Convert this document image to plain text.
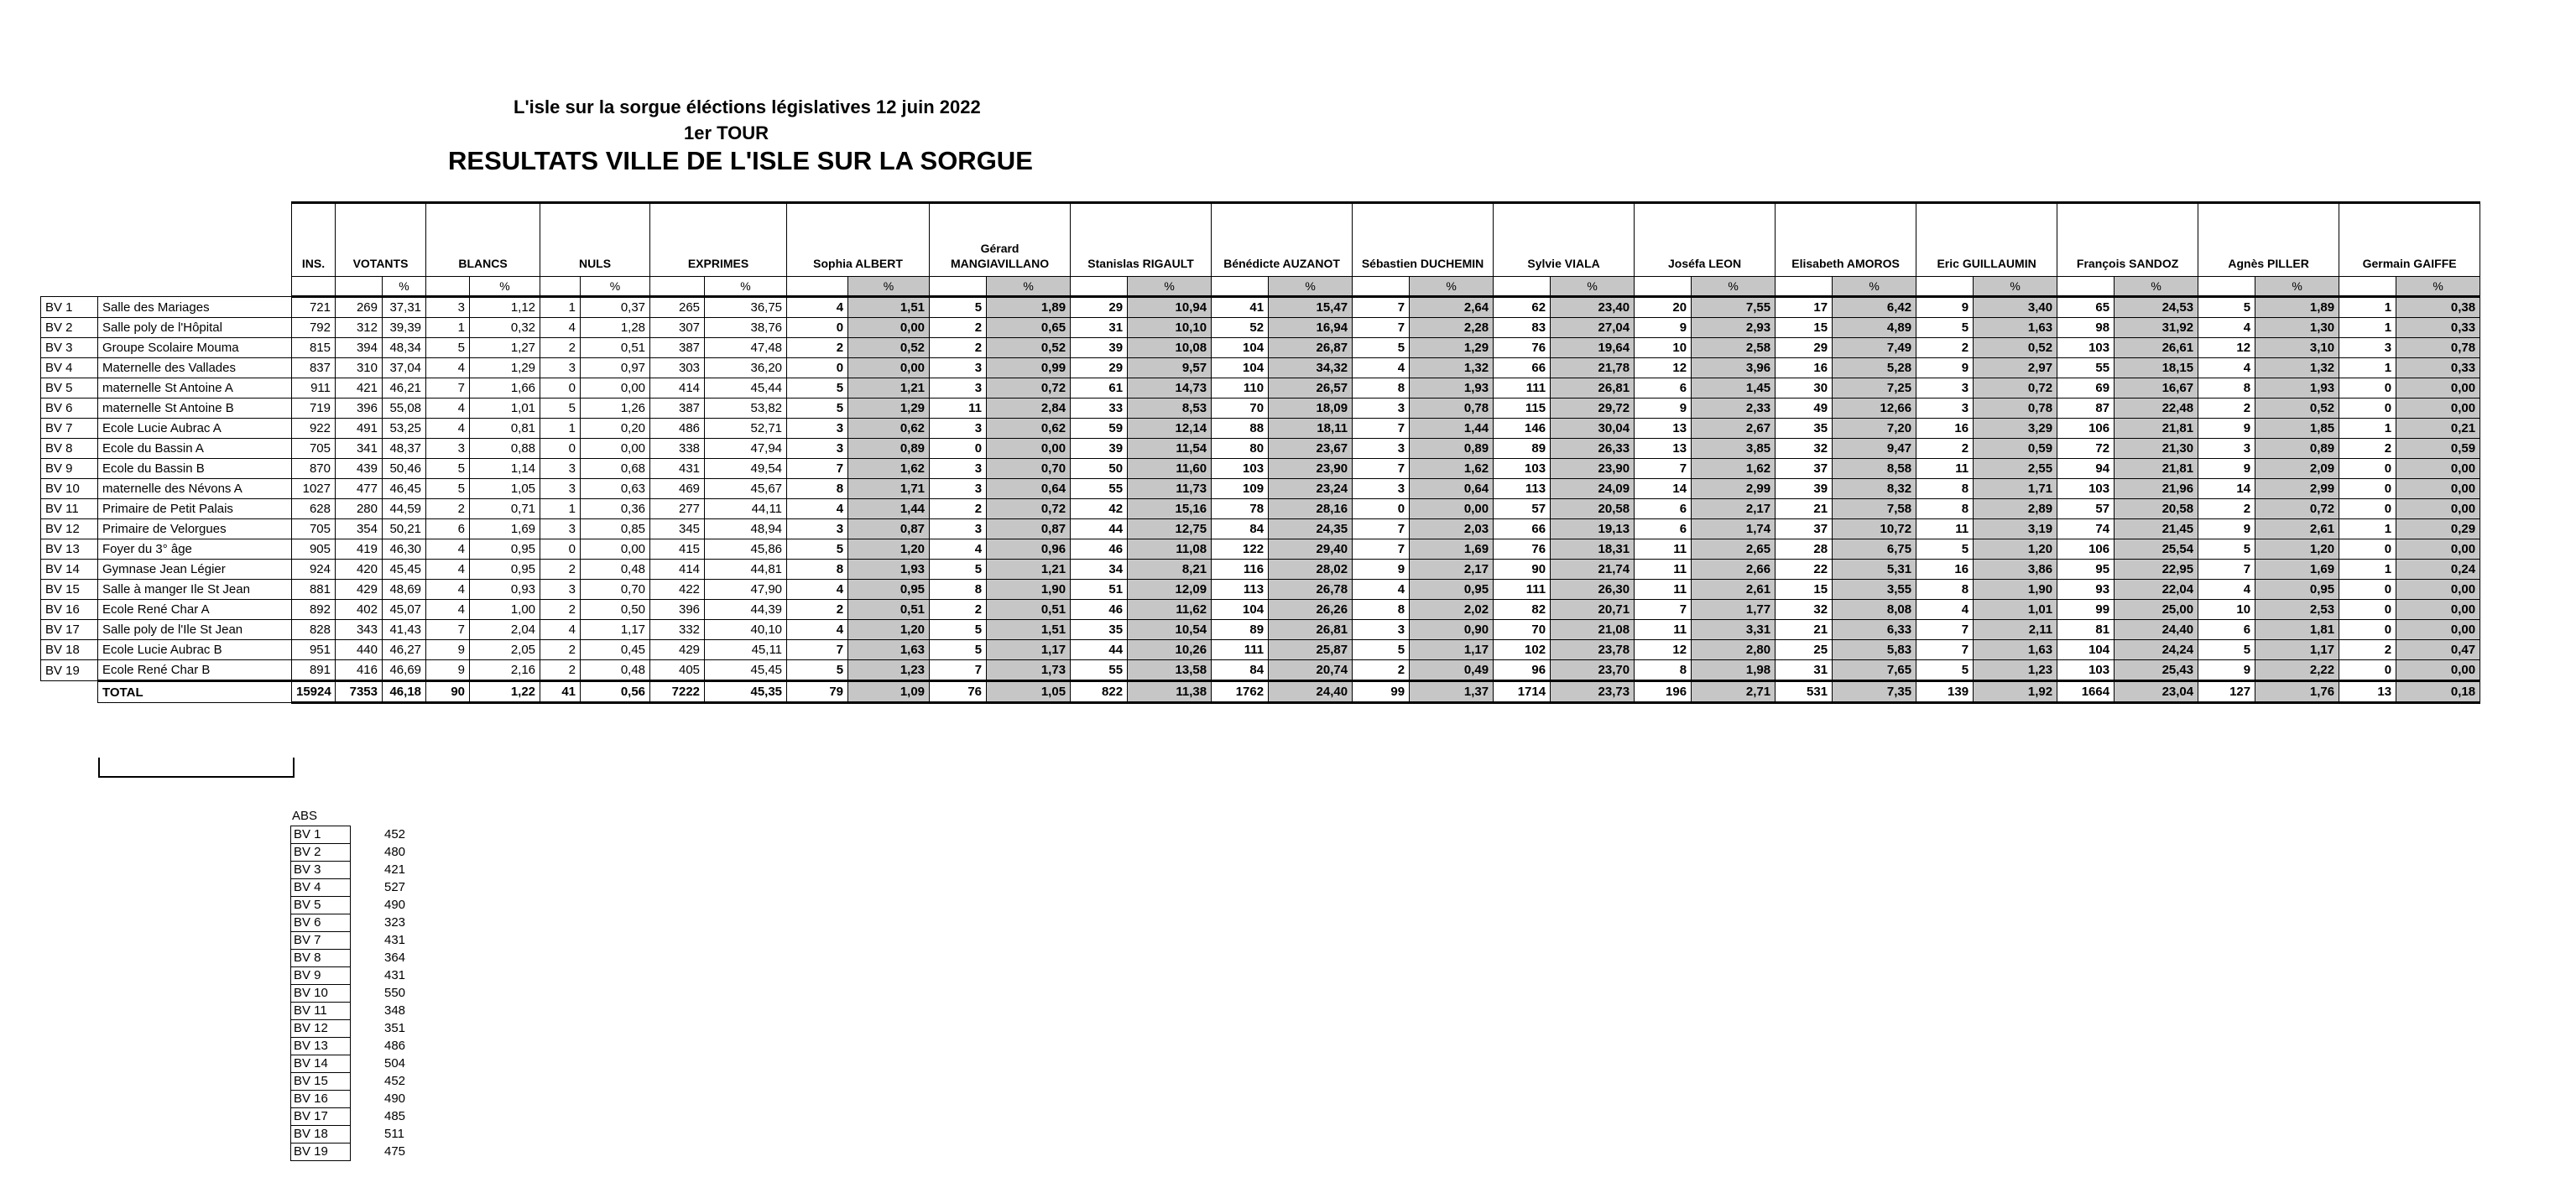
L'isle sur la sorgue éléctions législatives 12 juin 2022
1er TOUR
RESULTATS VILLE DE L'ISLE SUR LA SORGUE
		INS.	VOTANTS		BLANCS		NULS		EXPRIMES		Sophia ALBERT		Gérard MANGIAVILLANO		Stanislas RIGAULT		Bénédicte AUZANOT		Sébastien DUCHEMIN		Sylvie VIALA		Joséfa LEON		Elisabeth AMOROS		Eric GUILLAUMIN		François SANDOZ		Agnès PILLER		Germain GAIFFE	
				%		%		%		%		%		%		%		%		%		%		%		%		%		%		%		%
BV 1	Salle des Mariages	721	269	37,31	3	1,12	1	0,37	265	36,75	4	1,51	5	1,89	29	10,94	41	15,47	7	2,64	62	23,40	20	7,55	17	6,42	9	3,40	65	24,53	5	1,89	1	0,38
BV 2	Salle poly de l'Hôpital	792	312	39,39	1	0,32	4	1,28	307	38,76	0	0,00	2	0,65	31	10,10	52	16,94	7	2,28	83	27,04	9	2,93	15	4,89	5	1,63	98	31,92	4	1,30	1	0,33
BV 3	Groupe Scolaire Mouma	815	394	48,34	5	1,27	2	0,51	387	47,48	2	0,52	2	0,52	39	10,08	104	26,87	5	1,29	76	19,64	10	2,58	29	7,49	2	0,52	103	26,61	12	3,10	3	0,78
BV 4	Maternelle des Vallades	837	310	37,04	4	1,29	3	0,97	303	36,20	0	0,00	3	0,99	29	9,57	104	34,32	4	1,32	66	21,78	12	3,96	16	5,28	9	2,97	55	18,15	4	1,32	1	0,33
BV 5	maternelle St Antoine A	911	421	46,21	7	1,66	0	0,00	414	45,44	5	1,21	3	0,72	61	14,73	110	26,57	8	1,93	111	26,81	6	1,45	30	7,25	3	0,72	69	16,67	8	1,93	0	0,00
BV 6	maternelle St Antoine B	719	396	55,08	4	1,01	5	1,26	387	53,82	5	1,29	11	2,84	33	8,53	70	18,09	3	0,78	115	29,72	9	2,33	49	12,66	3	0,78	87	22,48	2	0,52	0	0,00
BV 7	Ecole Lucie Aubrac A	922	491	53,25	4	0,81	1	0,20	486	52,71	3	0,62	3	0,62	59	12,14	88	18,11	7	1,44	146	30,04	13	2,67	35	7,20	16	3,29	106	21,81	9	1,85	1	0,21
BV 8	Ecole du Bassin A	705	341	48,37	3	0,88	0	0,00	338	47,94	3	0,89	0	0,00	39	11,54	80	23,67	3	0,89	89	26,33	13	3,85	32	9,47	2	0,59	72	21,30	3	0,89	2	0,59
BV 9	Ecole du Bassin B	870	439	50,46	5	1,14	3	0,68	431	49,54	7	1,62	3	0,70	50	11,60	103	23,90	7	1,62	103	23,90	7	1,62	37	8,58	11	2,55	94	21,81	9	2,09	0	0,00
BV 10	maternelle des Névons A	1027	477	46,45	5	1,05	3	0,63	469	45,67	8	1,71	3	0,64	55	11,73	109	23,24	3	0,64	113	24,09	14	2,99	39	8,32	8	1,71	103	21,96	14	2,99	0	0,00
BV 11	Primaire de Petit Palais	628	280	44,59	2	0,71	1	0,36	277	44,11	4	1,44	2	0,72	42	15,16	78	28,16	0	0,00	57	20,58	6	2,17	21	7,58	8	2,89	57	20,58	2	0,72	0	0,00
BV 12	Primaire de Velorgues	705	354	50,21	6	1,69	3	0,85	345	48,94	3	0,87	3	0,87	44	12,75	84	24,35	7	2,03	66	19,13	6	1,74	37	10,72	11	3,19	74	21,45	9	2,61	1	0,29
BV 13	Foyer du 3° âge	905	419	46,30	4	0,95	0	0,00	415	45,86	5	1,20	4	0,96	46	11,08	122	29,40	7	1,69	76	18,31	11	2,65	28	6,75	5	1,20	106	25,54	5	1,20	0	0,00
BV 14	Gymnase Jean Légier	924	420	45,45	4	0,95	2	0,48	414	44,81	8	1,93	5	1,21	34	8,21	116	28,02	9	2,17	90	21,74	11	2,66	22	5,31	16	3,86	95	22,95	7	1,69	1	0,24
BV 15	Salle à manger Ile St Jean	881	429	48,69	4	0,93	3	0,70	422	47,90	4	0,95	8	1,90	51	12,09	113	26,78	4	0,95	111	26,30	11	2,61	15	3,55	8	1,90	93	22,04	4	0,95	0	0,00
BV 16	Ecole René Char A	892	402	45,07	4	1,00	2	0,50	396	44,39	2	0,51	2	0,51	46	11,62	104	26,26	8	2,02	82	20,71	7	1,77	32	8,08	4	1,01	99	25,00	10	2,53	0	0,00
BV 17	Salle poly de l'Ile St Jean	828	343	41,43	7	2,04	4	1,17	332	40,10	4	1,20	5	1,51	35	10,54	89	26,81	3	0,90	70	21,08	11	3,31	21	6,33	7	2,11	81	24,40	6	1,81	0	0,00
BV 18	Ecole Lucie Aubrac B	951	440	46,27	9	2,05	2	0,45	429	45,11	7	1,63	5	1,17	44	10,26	111	25,87	5	1,17	102	23,78	12	2,80	25	5,83	7	1,63	104	24,24	5	1,17	2	0,47
BV 19	Ecole René Char B	891	416	46,69	9	2,16	2	0,48	405	45,45	5	1,23	7	1,73	55	13,58	84	20,74	2	0,49	96	23,70	8	1,98	31	7,65	5	1,23	103	25,43	9	2,22	0	0,00
	TOTAL	15924	7353	46,18	90	1,22	41	0,56	7222	45,35	79	1,09	76	1,05	822	11,38	1762	24,40	99	1,37	1714	23,73	196	2,71	531	7,35	139	1,92	1664	23,04	127	1,76	13	0,18
ABS
BV 1	452
BV 2	480
BV 3	421
BV 4	527
BV 5	490
BV 6	323
BV 7	431
BV 8	364
BV 9	431
BV 10	550
BV 11	348
BV 12	351
BV 13	486
BV 14	504
BV 15	452
BV 16	490
BV 17	485
BV 18	511
BV 19	475
